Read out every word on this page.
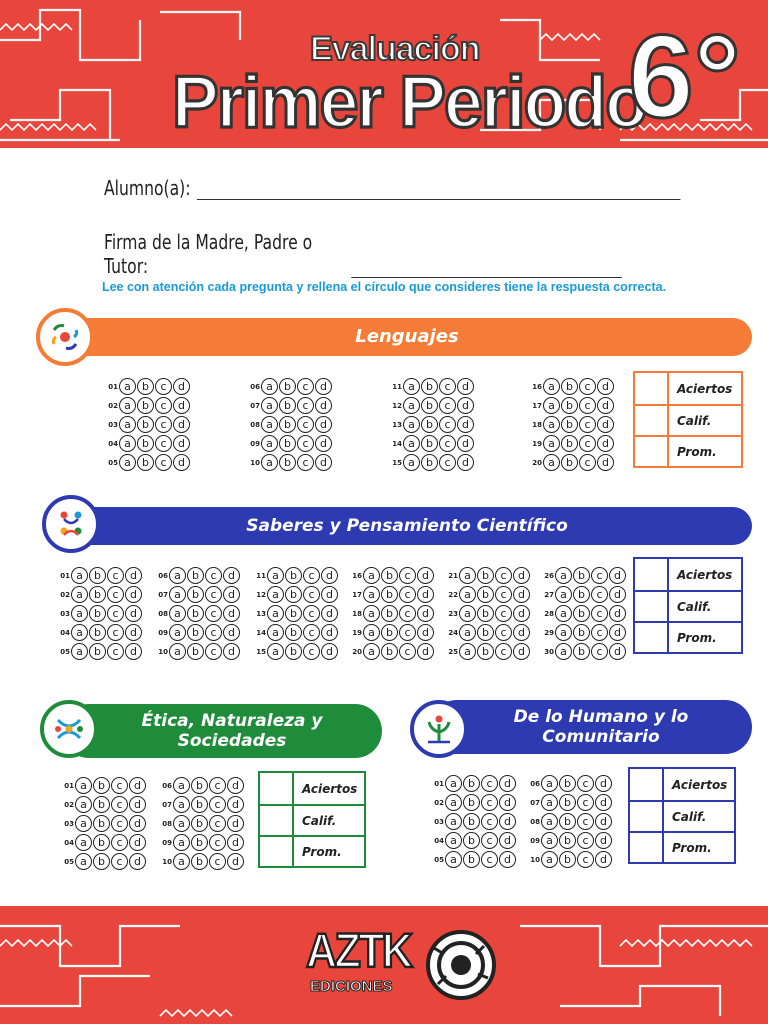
Evaluación
Primer Periodo
6°
Alumno(a):
Firma de la Madre, Padre o Tutor:
Lee con atención cada pregunta y rellena el círculo que consideres tiene la respuesta correcta.
Lenguajes
01 a	b	c	d
02 a	b	c	d
03 a	b	c	d
04 a	b	c	d
05 a	b	c	d
06 a	b	c	d
07 a	b	c	d
08 a	b	c	d
09 a	b	c	d
10 a	b	c	d
11 a	b	c	d
12 a	b	c	d
13 a	b	c	d
14 a	b	c	d
15 a	b	c	d
16 a	b	c	d
17 a	b	c	d
18 a	b	c	d
19 a	b	c	d
20 a	b	c	d
Aciertos
Calif.
Prom.
Saberes y Pensamiento Científico
01 a	b	c	d
02 a	b	c	d
03 a	b	c	d
04 a	b	c	d
05 a	b	c	d
06 a	b	c	d
07 a	b	c	d
08 a	b	c	d
09 a	b	c	d
10 a	b	c	d
11 a	b	c	d
12 a	b	c	d
13 a	b	c	d
14 a	b	c	d
15 a	b	c	d
16 a	b	c	d
17 a	b	c	d
18 a	b	c	d
19 a	b	c	d
20 a	b	c	d
21 a	b	c	d
22 a	b	c	d
23 a	b	c	d
24 a	b	c	d
25 a	b	c	d
26 a	b	c	d
27 a	b	c	d
28 a	b	c	d
29 a	b	c	d
30 a	b	c	d
Aciertos
Calif.
Prom.
Ética, Naturaleza y
Sociedades
01 a	b	c	d
02 a	b	c	d
03 a	b	c	d
04 a	b	c	d
05 a	b	c	d
06 a	b	c	d
07 a	b	c	d
08 a	b	c	d
09 a	b	c	d
10 a	b	c	d
Aciertos
Calif.
Prom.
De lo Humano y lo
Comunitario
01 a	b	c	d
02 a	b	c	d
03 a	b	c	d
04 a	b	c	d
05 a	b	c	d
06 a	b	c	d
07 a	b	c	d
08 a	b	c	d
09 a	b	c	d
10 a	b	c	d
Aciertos
Calif.
Prom.
AZTK
EDICIONES
